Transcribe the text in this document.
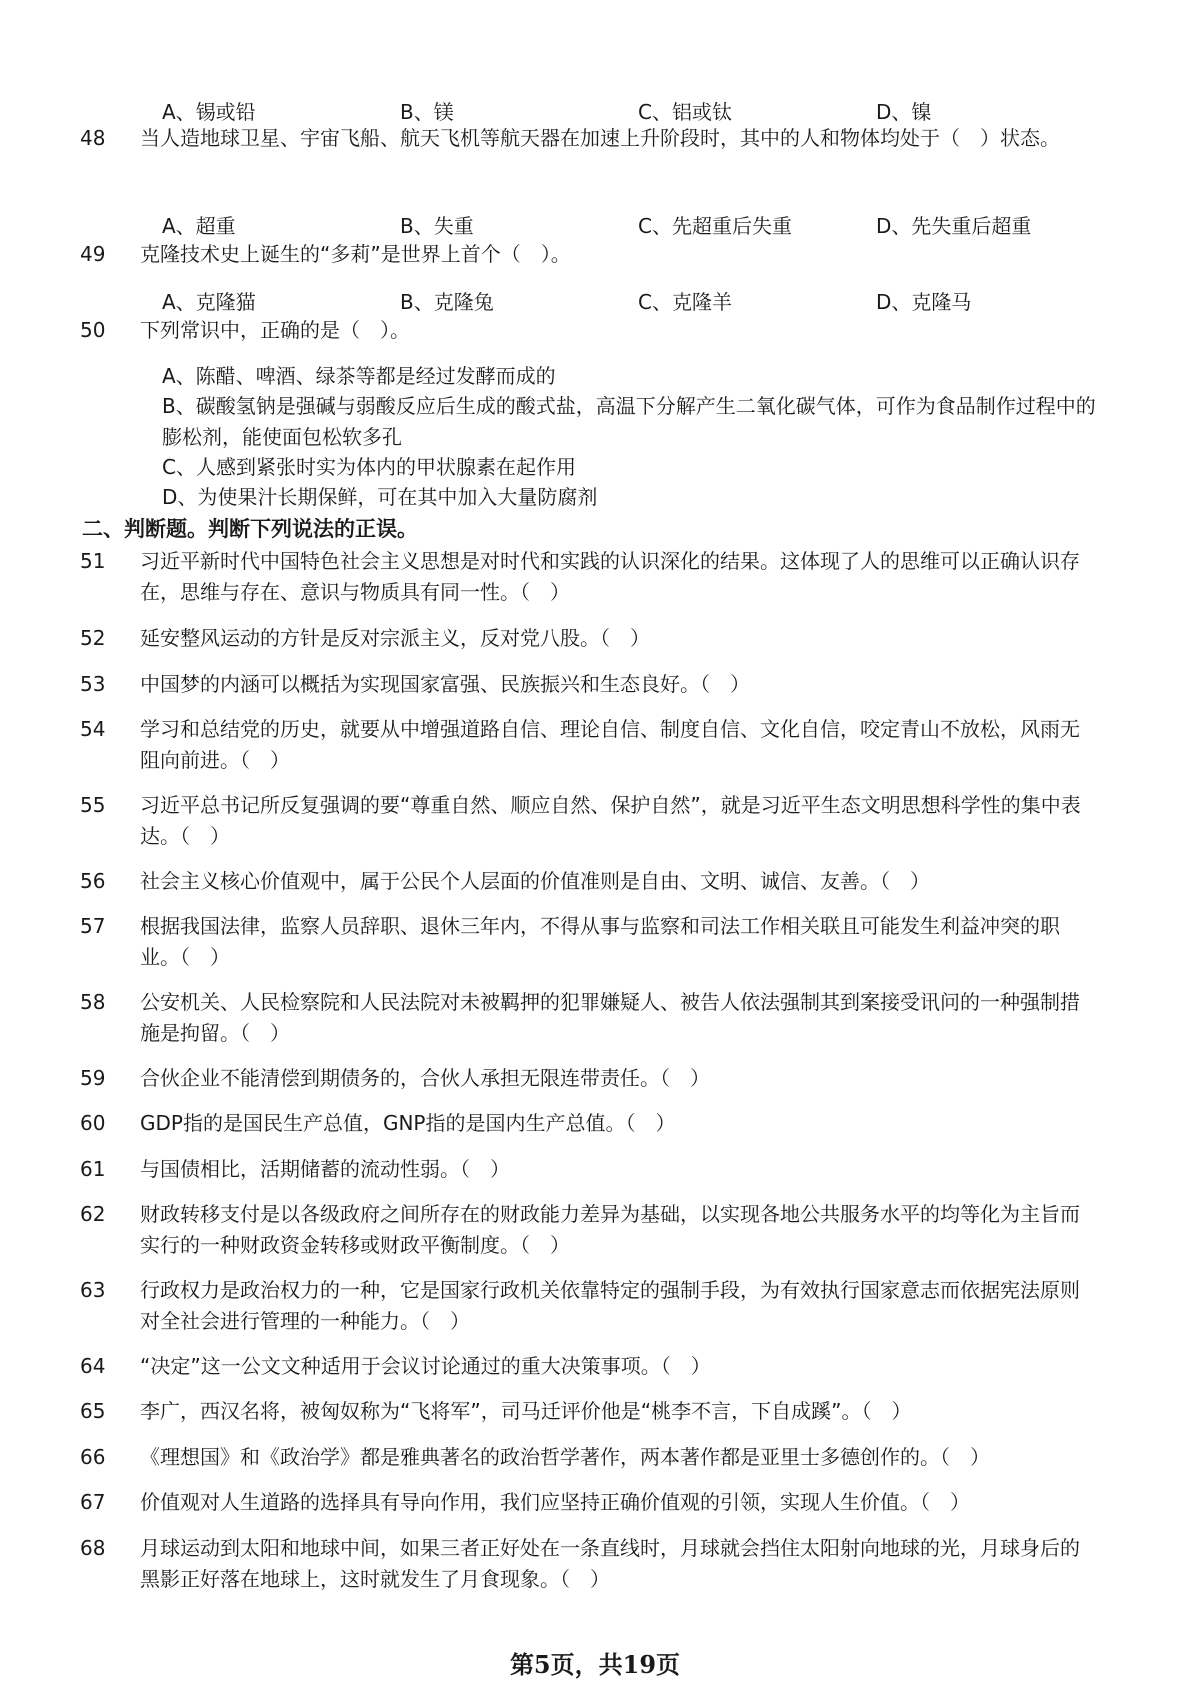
A、锡或铅	B、镁	C、铝或钛	D、镍
48	当人造地球卫星、宇宙飞船、航天飞机等航天器在加速上升阶段时，其中的人和物体均处于（　）状态。
A、超重	B、失重	C、先超重后失重	D、先失重后超重
49	克隆技术史上诞生的“多莉”是世界上首个（　）。
A、克隆猫	B、克隆兔	C、克隆羊	D、克隆马
50	下列常识中，正确的是（　）。
A、陈醋、啤酒、绿茶等都是经过发酵而成的
B、碳酸氢钠是强碱与弱酸反应后生成的酸式盐，高温下分解产生二氧化碳气体，可作为食品制作过程中的膨松剂，能使面包松软多孔
C、人感到紧张时实为体内的甲状腺素在起作用
D、为使果汁长期保鲜，可在其中加入大量防腐剂
二、判断题。判断下列说法的正误。
51	习近平新时代中国特色社会主义思想是对时代和实践的认识深化的结果。这体现了人的思维可以正确认识存在，思维与存在、意识与物质具有同一性。（　）
52	延安整风运动的方针是反对宗派主义，反对党八股。（　）
53	中国梦的内涵可以概括为实现国家富强、民族振兴和生态良好。（　）
54	学习和总结党的历史，就要从中增强道路自信、理论自信、制度自信、文化自信，咬定青山不放松，风雨无阻向前进。（　）
55	习近平总书记所反复强调的要“尊重自然、顺应自然、保护自然”，就是习近平生态文明思想科学性的集中表达。（　）
56	社会主义核心价值观中，属于公民个人层面的价值准则是自由、文明、诚信、友善。（　）
57	根据我国法律，监察人员辞职、退休三年内，不得从事与监察和司法工作相关联且可能发生利益冲突的职业。（　）
58	公安机关、人民检察院和人民法院对未被羁押的犯罪嫌疑人、被告人依法强制其到案接受讯问的一种强制措施是拘留。（　）
59	合伙企业不能清偿到期债务的，合伙人承担无限连带责任。（　）
60	GDP指的是国民生产总值，GNP指的是国内生产总值。（　）
61	与国债相比，活期储蓄的流动性弱。（　）
62	财政转移支付是以各级政府之间所存在的财政能力差异为基础，以实现各地公共服务水平的均等化为主旨而实行的一种财政资金转移或财政平衡制度。（　）
63	行政权力是政治权力的一种，它是国家行政机关依靠特定的强制手段，为有效执行国家意志而依据宪法原则对全社会进行管理的一种能力。（　）
64	“决定”这一公文文种适用于会议讨论通过的重大决策事项。（　）
65	李广，西汉名将，被匈奴称为“飞将军”，司马迁评价他是“桃李不言，下自成蹊”。（　）
66	《理想国》和《政治学》都是雅典著名的政治哲学著作，两本著作都是亚里士多德创作的。（　）
67	价值观对人生道路的选择具有导向作用，我们应坚持正确价值观的引领，实现人生价值。（　）
68	月球运动到太阳和地球中间，如果三者正好处在一条直线时，月球就会挡住太阳射向地球的光，月球身后的黑影正好落在地球上，这时就发生了月食现象。（　）
第5页，共19页
